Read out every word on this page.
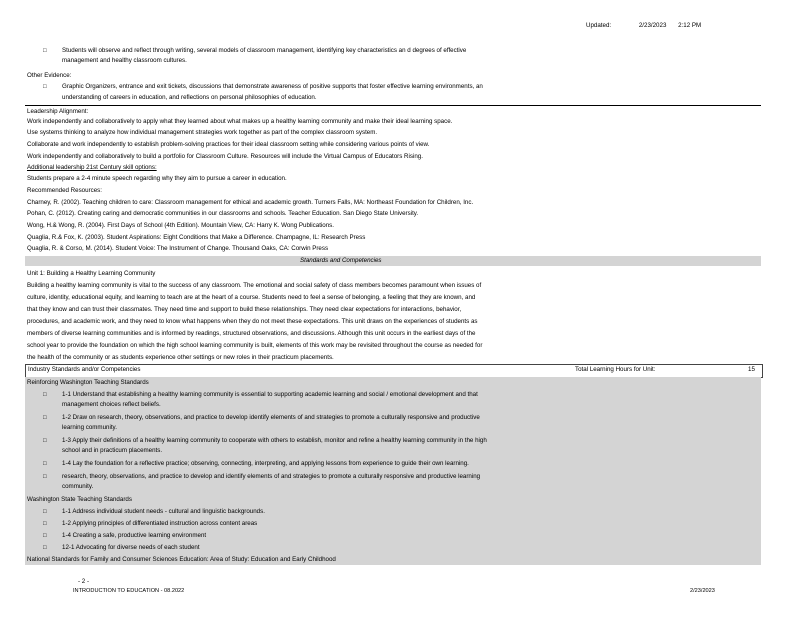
Updated:	2/23/2023 2:12 PM
□ Students will observe and reflect through writing, several models of classroom management, identifying key characteristics an d degrees of effective
management and healthy classroom cultures.
Other Evidence:
□ Graphic Organizers, entrance and exit tickets, discussions that demonstrate awareness of positive supports that foster effective learning environments, an
understanding of careers in education, and reflections on personal philosophies of education.
Leadership Alignment:
Work independently and collaboratively to apply what they learned about what makes up a healthy learning community and make their ideal learning space.
Use systems thinking to analyze how individual management strategies work together as part of the complex classroom system.
Collaborate and work independently to establish problem-solving practices for their ideal classroom setting while considering various points of view.
Work independently and collaboratively to build a portfolio for Classroom Culture. Resources will include the Virtual Campus of Educators Rising.
Additional leadership 21st Century skill options:
Students prepare a 2-4 minute speech regarding why they aim to pursue a career in education.
Recommended Resources:
Charney, R. (2002). Teaching children to care: Classroom management for ethical and academic growth. Turners Falls, MA: Northeast Foundation for Children, Inc.
Pohan, C. (2012). Creating caring and democratic communities in our classrooms and schools. Teacher Education. San Diego State University.
Wong, H.& Wong, R. (2004). First Days of School (4th Edition). Mountain View, CA: Harry K. Wong Publications.
Quaglia, R.& Fox, K. (2003). Student Aspirations: Eight Conditions that Make a Difference. Champagne, IL: Research Press
Quaglia, R. & Corso, M. (2014). Student Voice: The Instrument of Change. Thousand Oaks, CA: Corwin Press
Standards and Competencies
Unit 1: Building a Healthy Learning Community
Building a healthy learning community is vital to the success of any classroom. The emotional and social safety of class members becomes paramount when issues of
culture, identity, educational equity, and learning to teach are at the heart of a course. Students need to feel a sense of belonging, a feeling that they are known, and
that they know and can trust their classmates. They need time and support to build these relationships. They need clear expectations for interactions, behavior,
procedures, and academic work, and they need to know what happens when they do not meet these expectations. This unit draws on the experiences of students as
members of diverse learning communities and is informed by readings, structured observations, and discussions. Although this unit occurs in the earliest days of the
school year to provide the foundation on which the high school learning community is built, elements of this work may be revisited throughout the course as needed for
the health of the community or as students experience other settings or new roles in their practicum placements.
Industry Standards and/or Competencies	Total Learning Hours for Unit:	15
Reinforcing Washington Teaching Standards
□ 1-1 Understand that establishing a healthy learning community is essential to supporting academic learning and social / emotional development and that
management choices reflect beliefs.
□ 1-2 Draw on research, theory, observations, and practice to develop identify elements of and strategies to promote a culturally responsive and productive
learning community.
□ 1-3 Apply their definitions of a healthy learning community to cooperate with others to establish, monitor and refine a healthy learning community in the high
school and in practicum placements.
□ 1-4 Lay the foundation for a reflective practice; observing, connecting, interpreting, and applying lessons from experience to guide their own learning.
□ research, theory, observations, and practice to develop and identify elements of and strategies to promote a culturally responsive and productive learning
community.
Washington State Teaching Standards
□ 1-1 Address individual student needs - cultural and linguistic backgrounds.
□ 1-2 Applying principles of differentiated instruction across content areas
□ 1-4 Creating a safe, productive learning environment
□ 12-1 Advocating for diverse needs of each student
National Standards for Family and Consumer Sciences Education: Area of Study: Education and Early Childhood
- 2 -
INTRODUCTION TO EDUCATION - 08.2022	2/23/2023
